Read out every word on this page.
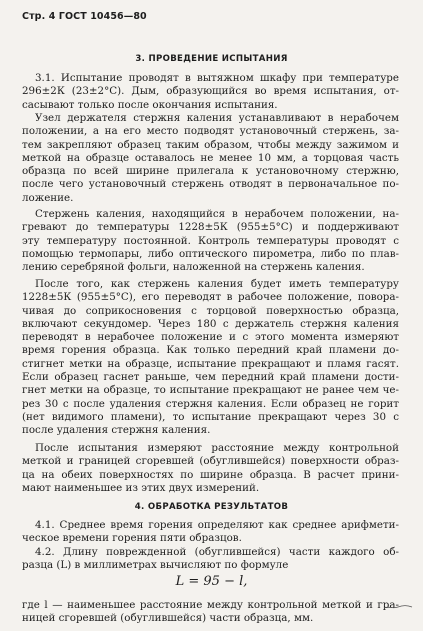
Стр. 4 ГОСТ 10456—80
3. ПРОВЕДЕНИЕ ИСПЫТАНИЯ
3.1. Испытание проводят в вытяжном шкафу при температуре
296±2К (23±2°С). Дым, образующийся во время испытания, от-
сасывают только после окончания испытания.
Узел держателя стержня каления устанавливают в нерабочем
положении, а на его место подводят установочный стержень, за-
тем закрепляют образец таким образом, чтобы между зажимом и
меткой на образце оставалось не менее 10 мм, а торцовая часть
образца по всей ширине прилегала к установочному стержню,
после чего установочный стержень отводят в первоначальное по-
ложение.
Стержень каления, находящийся в нерабочем положении, на-
гревают до температуры 1228±5К (955±5°С) и поддерживают
эту температуру постоянной. Контроль температуры проводят с
помощью термопары, либо оптического пирометра, либо по плав-
лению серебряной фольги, наложенной на стержень каления.
После того, как стержень каления будет иметь температуру
1228±5К (955±5°С), его переводят в рабочее положение, поворa-
чивая до соприкосновения с торцовой поверхностью образца,
включают секундомер. Через 180 с держатель стержня каления
переводят в нерабочее положение и с этого момента измеряют
время горения образца. Как только передний край пламени до-
стигнет метки на образце, испытание прекращают и пламя гасят.
Если образец гаснет раньше, чем передний край пламени дости-
гнет метки на образце, то испытание прекращают не ранее чем че-
рез 30 с после удаления стержня каления. Если образец не горит
(нет видимого пламени), то испытание прекращают через 30 с
после удаления стержня каления.
После испытания измеряют расстояние между контрольной
меткой и границей сгоревшей (обуглившейся) поверхности образ-
ца на обеих поверхностях по ширине образца. В расчет прини-
мают наименьшее из этих двух измерений.
4. ОБРАБОТКА РЕЗУЛЬТАТОВ
4.1. Среднее время горения определяют как среднее арифмети-
ческое времени горения пяти образцов.
4.2. Длину поврежденной (обуглившейся) части каждого об-
разца (L) в миллиметрах вычисляют по формуле
L = 95 − l,
где l — наименьшее расстояние между контрольной меткой и гра-
ницей сгоревшей (обуглившейся) части образца, мм.
